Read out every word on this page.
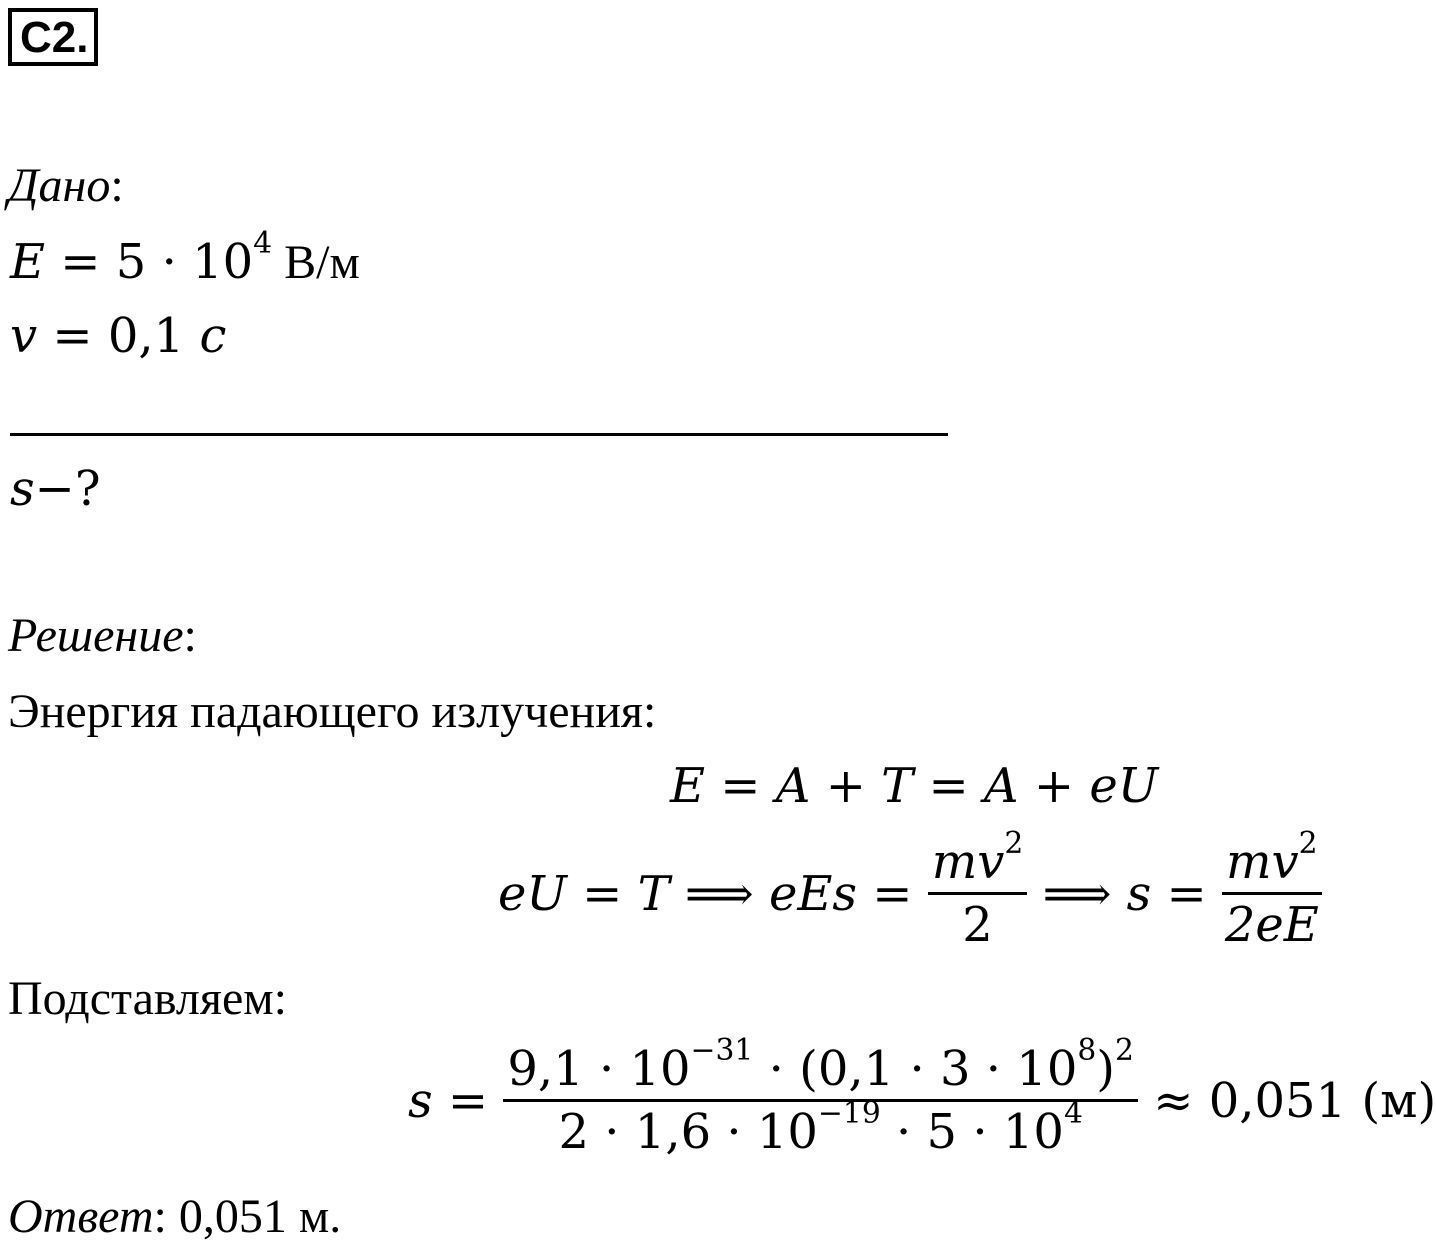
C2.
Дано:
$E = 5 \cdot 10^4$ В/м
v = 0,1 c
s−?
Решение:
Энергия падающего излучения:
E = A + T = A + eU
eU = T ⟹ eEs = $\frac{mv^2}{2}$ ⟹ $s = \frac{mv^2}{2eE}$
Подставляем:
$s = \frac{9,1 \cdot 10^{-31} \cdot (0,1 \cdot 3 \cdot 10^8)^2}{2 \cdot 1,6 \cdot 10^{-19} \cdot 5 \cdot 10^4} \approx 0,051$ (м)
Ответ: 0,051 м.
